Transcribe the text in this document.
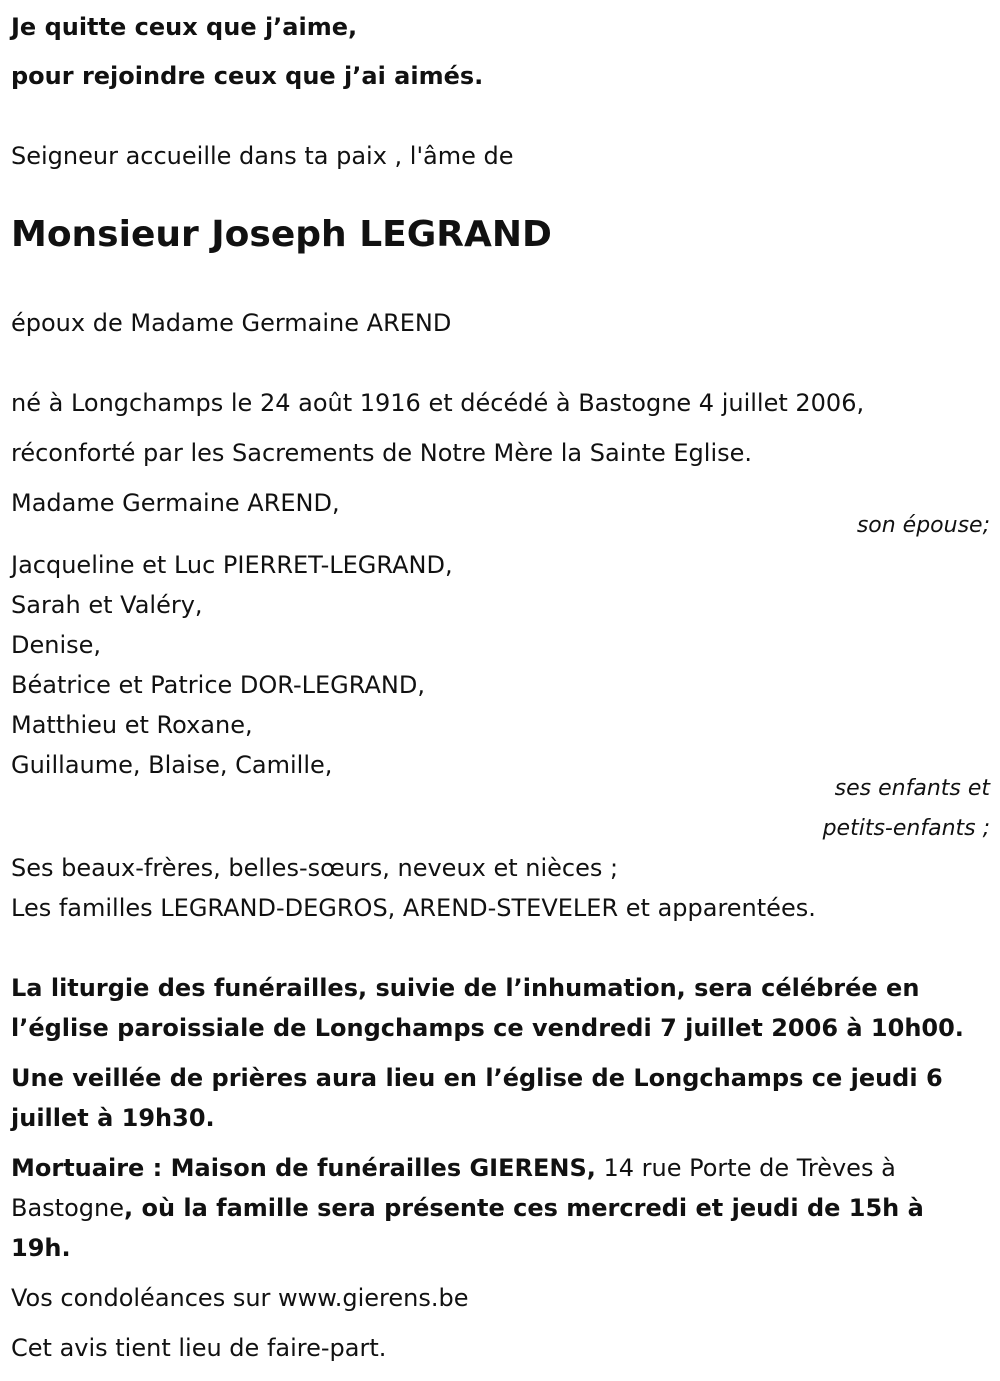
Je quitte ceux que j’aime,
pour rejoindre ceux que j’ai aimés.
Seigneur accueille dans ta paix , l'âme de
Monsieur Joseph LEGRAND
époux de Madame Germaine AREND
né à Longchamps le 24 août 1916 et décédé à Bastogne 4 juillet 2006,
réconforté par les Sacrements de Notre Mère la Sainte Eglise.
Madame Germaine AREND,
son épouse;
Jacqueline et Luc PIERRET-LEGRAND,
Sarah et Valéry,
Denise,
Béatrice et Patrice DOR-LEGRAND,
Matthieu et Roxane,
Guillaume, Blaise, Camille,
ses enfants et
petits-enfants ;
Ses beaux-frères, belles-sœurs, neveux et nièces ;
Les familles LEGRAND-DEGROS, AREND-STEVELER et apparentées.
La liturgie des funérailles, suivie de l’inhumation, sera célébrée en
l’église paroissiale de Longchamps ce vendredi 7 juillet 2006 à 10h00.
Une veillée de prières aura lieu en l’église de Longchamps ce jeudi 6
juillet à 19h30.
Mortuaire : Maison de funérailles GIERENS, 14 rue Porte de Trèves à
Bastogne, où la famille sera présente ces mercredi et jeudi de 15h à
19h.
Vos condoléances sur www.gierens.be
Cet avis tient lieu de faire-part.
